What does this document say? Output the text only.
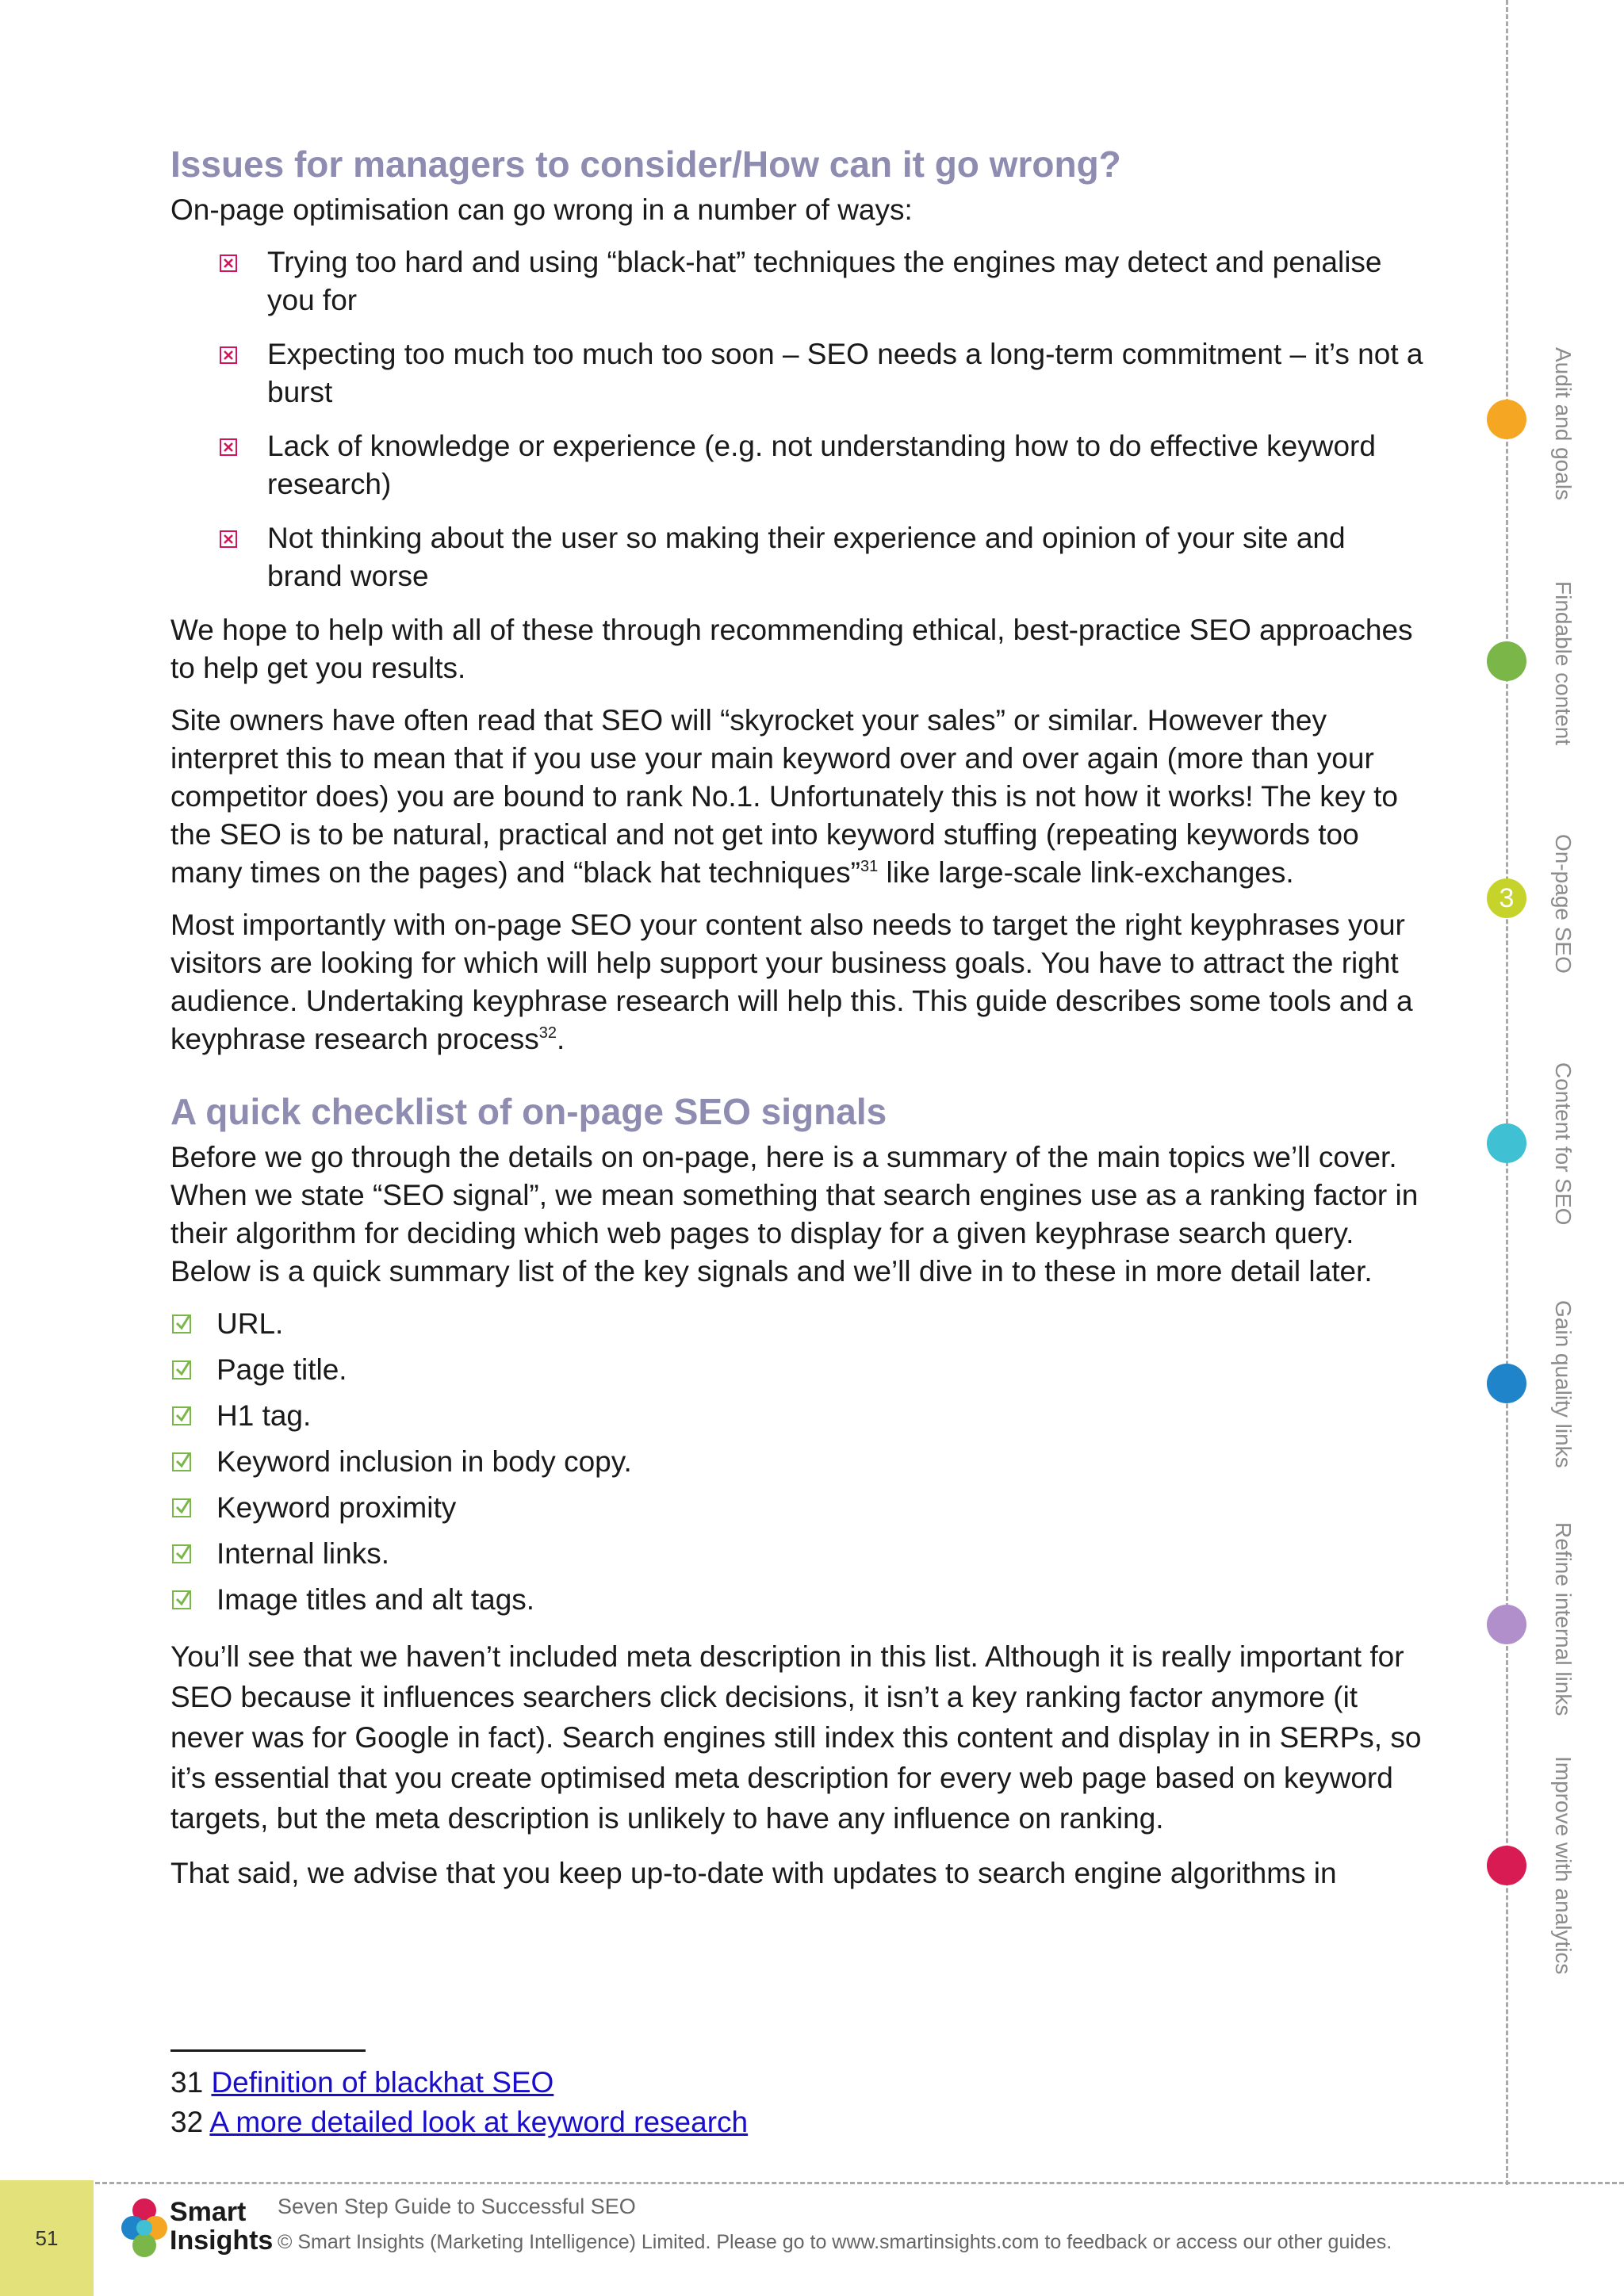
Issues for managers to consider/How can it go wrong?

On-page optimisation can go wrong in a number of ways:

Trying too hard and using “black-hat” techniques the engines may detect and penalise you for
Expecting too much too much too soon – SEO needs a long-term commitment – it’s not a burst
Lack of knowledge or experience (e.g. not understanding how to do effective keyword research)
Not thinking about the user so making their experience and opinion of your site and brand worse

We hope to help with all of these through recommending ethical, best-practice SEO approaches to help get you results.

Site owners have often read that SEO will “skyrocket your sales” or similar. However they interpret this to mean that if you use your main keyword over and over again (more than your competitor does) you are bound to rank No.1. Unfortunately this is not how it works! The key to the SEO is to be natural, practical and not get into keyword stuffing (repeating keywords too many times on the pages) and “black hat techniques”$^{31}$ like large-scale link-exchanges.

Most importantly with on-page SEO your content also needs to target the right keyphrases your visitors are looking for which will help support your business goals. You have to attract the right audience. Undertaking keyphrase research will help this. This guide describes some tools and a keyphrase research process$^{32}$.

A quick checklist of on-page SEO signals

Before we go through the details on on-page, here is a summary of the main topics we’ll cover. When we state “SEO signal”, we mean something that search engines use as a ranking factor in their algorithm for deciding which web pages to display for a given keyphrase search query. Below is a quick summary list of the key signals and we’ll dive in to these in more detail later.

URL.
Page title.
H1 tag.
Keyword inclusion in body copy.
Keyword proximity
Internal links.
Image titles and alt tags.

You’ll see that we haven’t included meta description in this list. Although it is really important for SEO because it influences searchers click decisions, it isn’t a key ranking factor anymore (it never was for Google in fact). Search engines still index this content and display in in SERPs, so it’s essential that you create optimised meta description for every web page based on keyword targets, but the meta description is unlikely to have any influence on ranking.

That said, we advise that you keep up-to-date with updates to search engine algorithms in

31 Definition of blackhat SEO
32 A more detailed look at keyword research
Audit and goals
Findable content
3	On-page SEO
Content for SEO
Gain quality links
Refine internal links
Improve with analytics
51
Smart
Insights
Seven Step Guide to Successful SEO
© Smart Insights (Marketing Intelligence) Limited. Please go to www.smartinsights.com to feedback or access our other guides.
